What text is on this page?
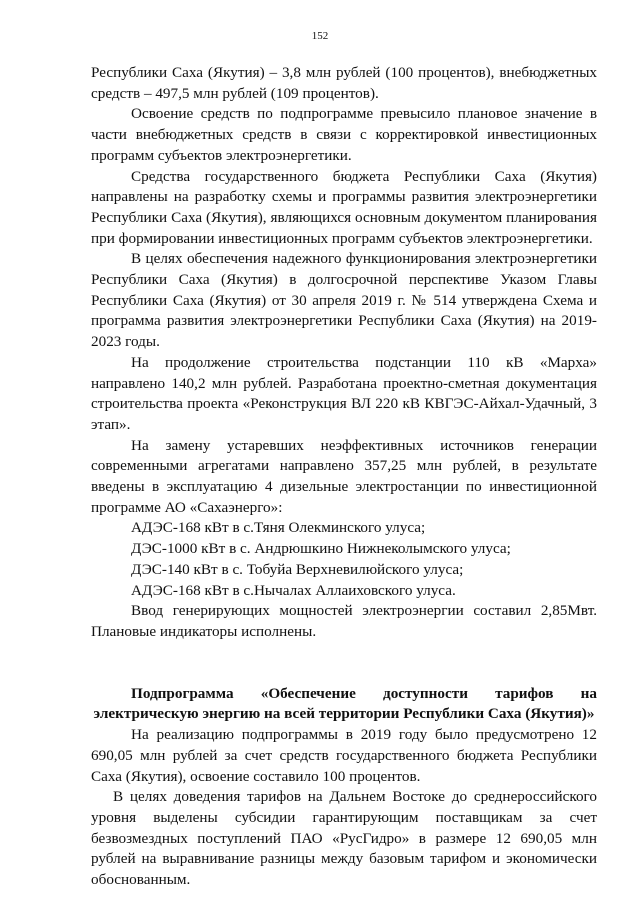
152

Республики Саха (Якутия) – 3,8 млн рублей (100 процентов), внебюджетных средств – 497,5 млн рублей (109 процентов).

Освоение средств по подпрограмме превысило плановое значение в части внебюджетных средств в связи с корректировкой инвестиционных программ субъектов электроэнергетики.

Средства государственного бюджета Республики Саха (Якутия) направлены на разработку схемы и программы развития электроэнергетики Республики Саха (Якутия), являющихся основным документом планирования при формировании инвестиционных программ субъектов электроэнергетики.

В целях обеспечения надежного функционирования электроэнергетики Республики Саха (Якутия) в долгосрочной перспективе Указом Главы Республики Саха (Якутия) от 30 апреля 2019 г. № 514 утверждена Схема и программа развития электроэнергетики Республики Саха (Якутия) на 2019-2023 годы.

На продолжение строительства подстанции 110 кВ «Марха» направлено 140,2 млн рублей. Разработана проектно-сметная документация строительства проекта «Реконструкция ВЛ 220 кВ КВГЭС-Айхал-Удачный, 3 этап».

На замену устаревших неэффективных источников генерации современными агрегатами направлено 357,25 млн рублей, в результате введены в эксплуатацию 4 дизельные электростанции по инвестиционной программе АО «Сахаэнерго»:

АДЭС-168 кВт в с.Тяня Олекминского улуса;

ДЭС-1000 кВт в с. Андрюшкино Нижнеколымского улуса;

ДЭС-140 кВт в с. Тобуйа Верхневилюйского улуса;

АДЭС-168 кВт в с.Нычалах Аллаиховского улуса.

Ввод генерирующих мощностей электроэнергии составил 2,85Мвт. Плановые индикаторы исполнены.

Подпрограмма «Обеспечение доступности тарифов на электрическую энергию на всей территории Республики Саха (Якутия)»

На реализацию подпрограммы в 2019 году было предусмотрено 12 690,05 млн рублей за счет средств государственного бюджета Республики Саха (Якутия), освоение составило 100 процентов.

В целях доведения тарифов на Дальнем Востоке до среднероссийского уровня выделены субсидии гарантирующим поставщикам за счет безвозмездных поступлений ПАО «РусГидро» в размере 12 690,05 млн рублей на выравнивание разницы между базовым тарифом и экономически обоснованным.
